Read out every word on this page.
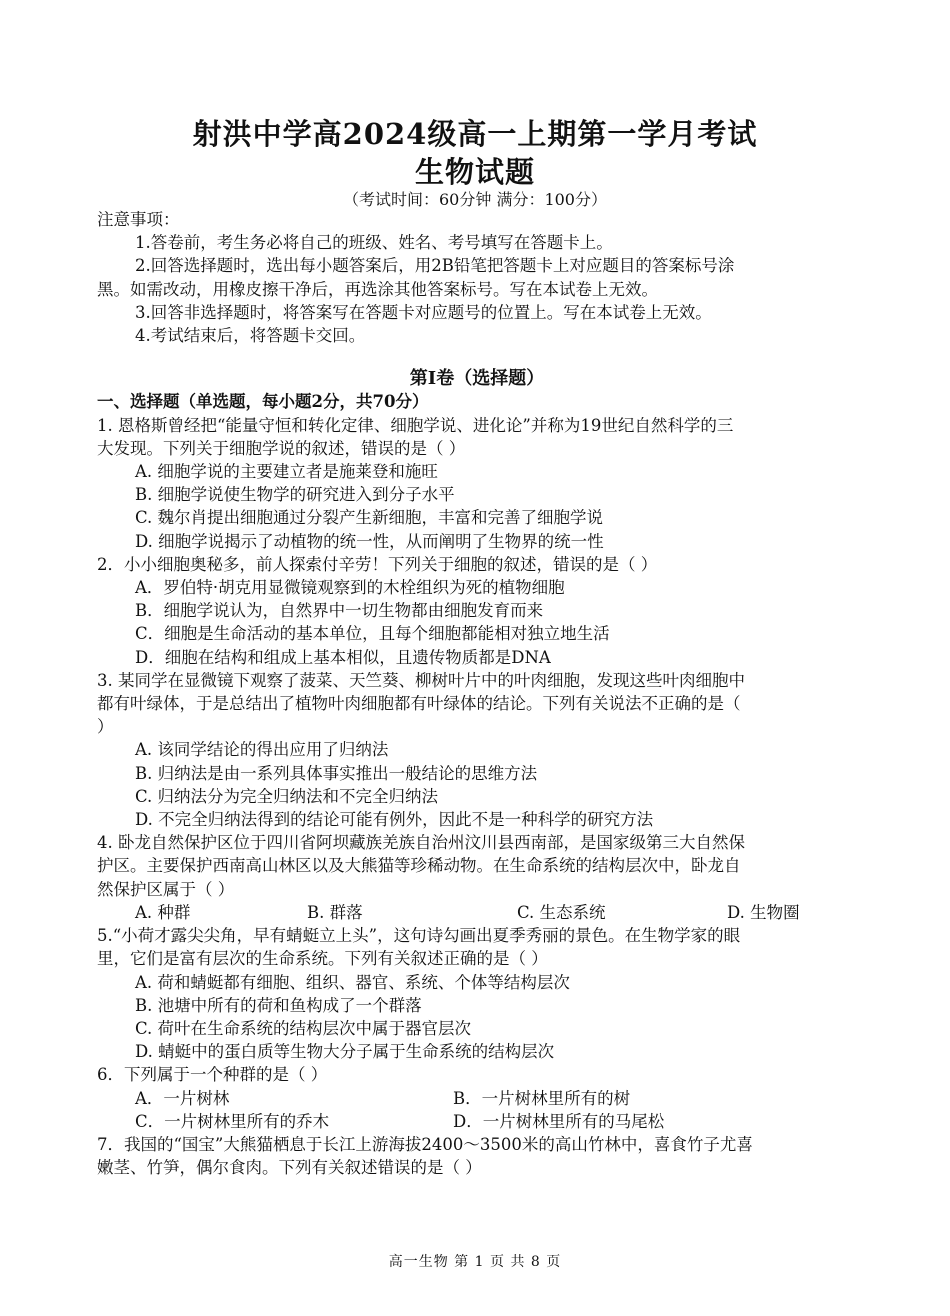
射洪中学高2024级高一上期第一学月考试
生物试题
（考试时间：60分钟 满分：100分）
注意事项：
1.答卷前，考生务必将自己的班级、姓名、考号填写在答题卡上。
2.回答选择题时，选出每小题答案后，用2B铅笔把答题卡上对应题目的答案标号涂
黑。如需改动，用橡皮擦干净后，再选涂其他答案标号。写在本试卷上无效。
3.回答非选择题时，将答案写在答题卡对应题号的位置上。写在本试卷上无效。
4.考试结束后，将答题卡交回。
第I卷（选择题）
一、选择题（单选题，每小题2分，共70分）
1. 恩格斯曾经把“能量守恒和转化定律、细胞学说、进化论”并称为19世纪自然科学的三
大发现。下列关于细胞学说的叙述，错误的是（ ）
A. 细胞学说的主要建立者是施莱登和施旺
B. 细胞学说使生物学的研究进入到分子水平
C. 魏尔肖提出细胞通过分裂产生新细胞，丰富和完善了细胞学说
D. 细胞学说揭示了动植物的统一性，从而阐明了生物界的统一性
2．小小细胞奥秘多，前人探索付辛劳！下列关于细胞的叙述，错误的是（ ）
A．罗伯特·胡克用显微镜观察到的木栓组织为死的植物细胞
B．细胞学说认为，自然界中一切生物都由细胞发育而来
C．细胞是生命活动的基本单位，且每个细胞都能相对独立地生活
D．细胞在结构和组成上基本相似，且遗传物质都是DNA
3. 某同学在显微镜下观察了菠菜、天竺葵、柳树叶片中的叶肉细胞，发现这些叶肉细胞中
都有叶绿体，于是总结出了植物叶肉细胞都有叶绿体的结论。下列有关说法不正确的是（
）
A. 该同学结论的得出应用了归纳法
B. 归纳法是由一系列具体事实推出一般结论的思维方法
C. 归纳法分为完全归纳法和不完全归纳法
D. 不完全归纳法得到的结论可能有例外，因此不是一种科学的研究方法
4. 卧龙自然保护区位于四川省阿坝藏族羌族自治州汶川县西南部，是国家级第三大自然保
护区。主要保护西南高山林区以及大熊猫等珍稀动物。在生命系统的结构层次中，卧龙自
然保护区属于（ ）
A. 种群	B. 群落	C. 生态系统	D. 生物圈
5.“小荷才露尖尖角，早有蜻蜓立上头”，这句诗勾画出夏季秀丽的景色。在生物学家的眼
里，它们是富有层次的生命系统。下列有关叙述正确的是（ ）
A. 荷和蜻蜓都有细胞、组织、器官、系统、个体等结构层次
B. 池塘中所有的荷和鱼构成了一个群落
C. 荷叶在生命系统的结构层次中属于器官层次
D. 蜻蜓中的蛋白质等生物大分子属于生命系统的结构层次
6．下列属于一个种群的是（ ）
A．一片树林	B．一片树林里所有的树
C．一片树林里所有的乔木	D．一片树林里所有的马尾松
7．我国的“国宝”大熊猫栖息于长江上游海拔2400～3500米的高山竹林中，喜食竹子尤喜
嫩茎、竹笋，偶尔食肉。下列有关叙述错误的是（ ）
高一生物 第 1 页 共 8 页
